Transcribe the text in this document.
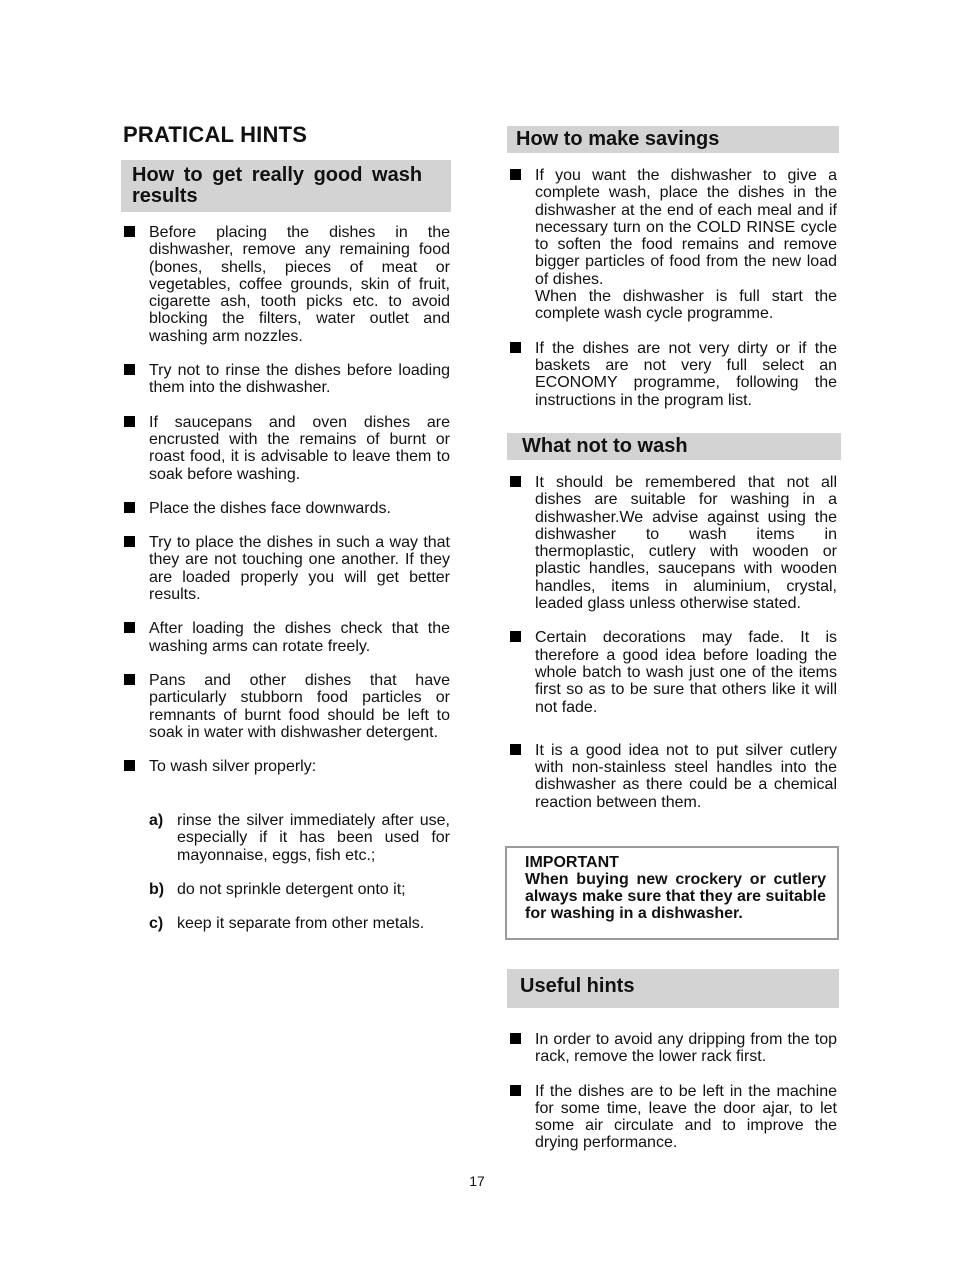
PRATICAL HINTS
How to get really good wash results
Before placing the dishes in the dishwasher, remove any remaining food (bones, shells, pieces of meat or vegetables, coffee grounds, skin of fruit, cigarette ash, tooth picks etc. to avoid blocking the filters, water outlet and washing arm nozzles.
Try not to rinse the dishes before loading them into the dishwasher.
If saucepans and oven dishes are encrusted with the remains of burnt or roast food, it is advisable to leave them to soak before washing.
Place the dishes face downwards.
Try to place the dishes in such a way that they are not touching one another. If they are loaded properly you will get better results.
After loading the dishes check that the washing arms can rotate freely.
Pans and other dishes that have particularly stubborn food particles or remnants of burnt food should be left to soak in water with dishwasher detergent.
To wash silver properly:
a) rinse the silver immediately after use, especially if it has been used for mayonnaise, eggs, fish etc.;
b) do not sprinkle detergent onto it;
c) keep it separate from other metals.
How to make savings
If you want the dishwasher to give a complete wash, place the dishes in the dishwasher at the end of each meal and if necessary turn on the COLD RINSE cycle to soften the food remains and remove bigger particles of food from the new load of dishes.
When the dishwasher is full start the complete wash cycle programme.
If the dishes are not very dirty or if the baskets are not very full select an ECONOMY programme, following the instructions in the program list.
What not to wash
It should be remembered that not all dishes are suitable for washing in a dishwasher.We advise against using the dishwasher to wash items in thermoplastic, cutlery with wooden or plastic handles, saucepans with wooden handles, items in aluminium, crystal, leaded glass unless otherwise stated.
Certain decorations may fade. It is therefore a good idea before loading the whole batch to wash just one of the items first so as to be sure that others like it will not fade.
It is a good idea not to put silver cutlery with non-stainless steel handles into the dishwasher as there could be a chemical reaction between them.

IMPORTANT

When buying new crockery or cutlery always make sure that they are suitable for washing in a dishwasher.

Useful hints
In order to avoid any dripping from the top rack, remove the lower rack first.
If the dishes are to be left in the machine for some time, leave the door ajar, to let some air circulate and to improve the drying performance.
17
